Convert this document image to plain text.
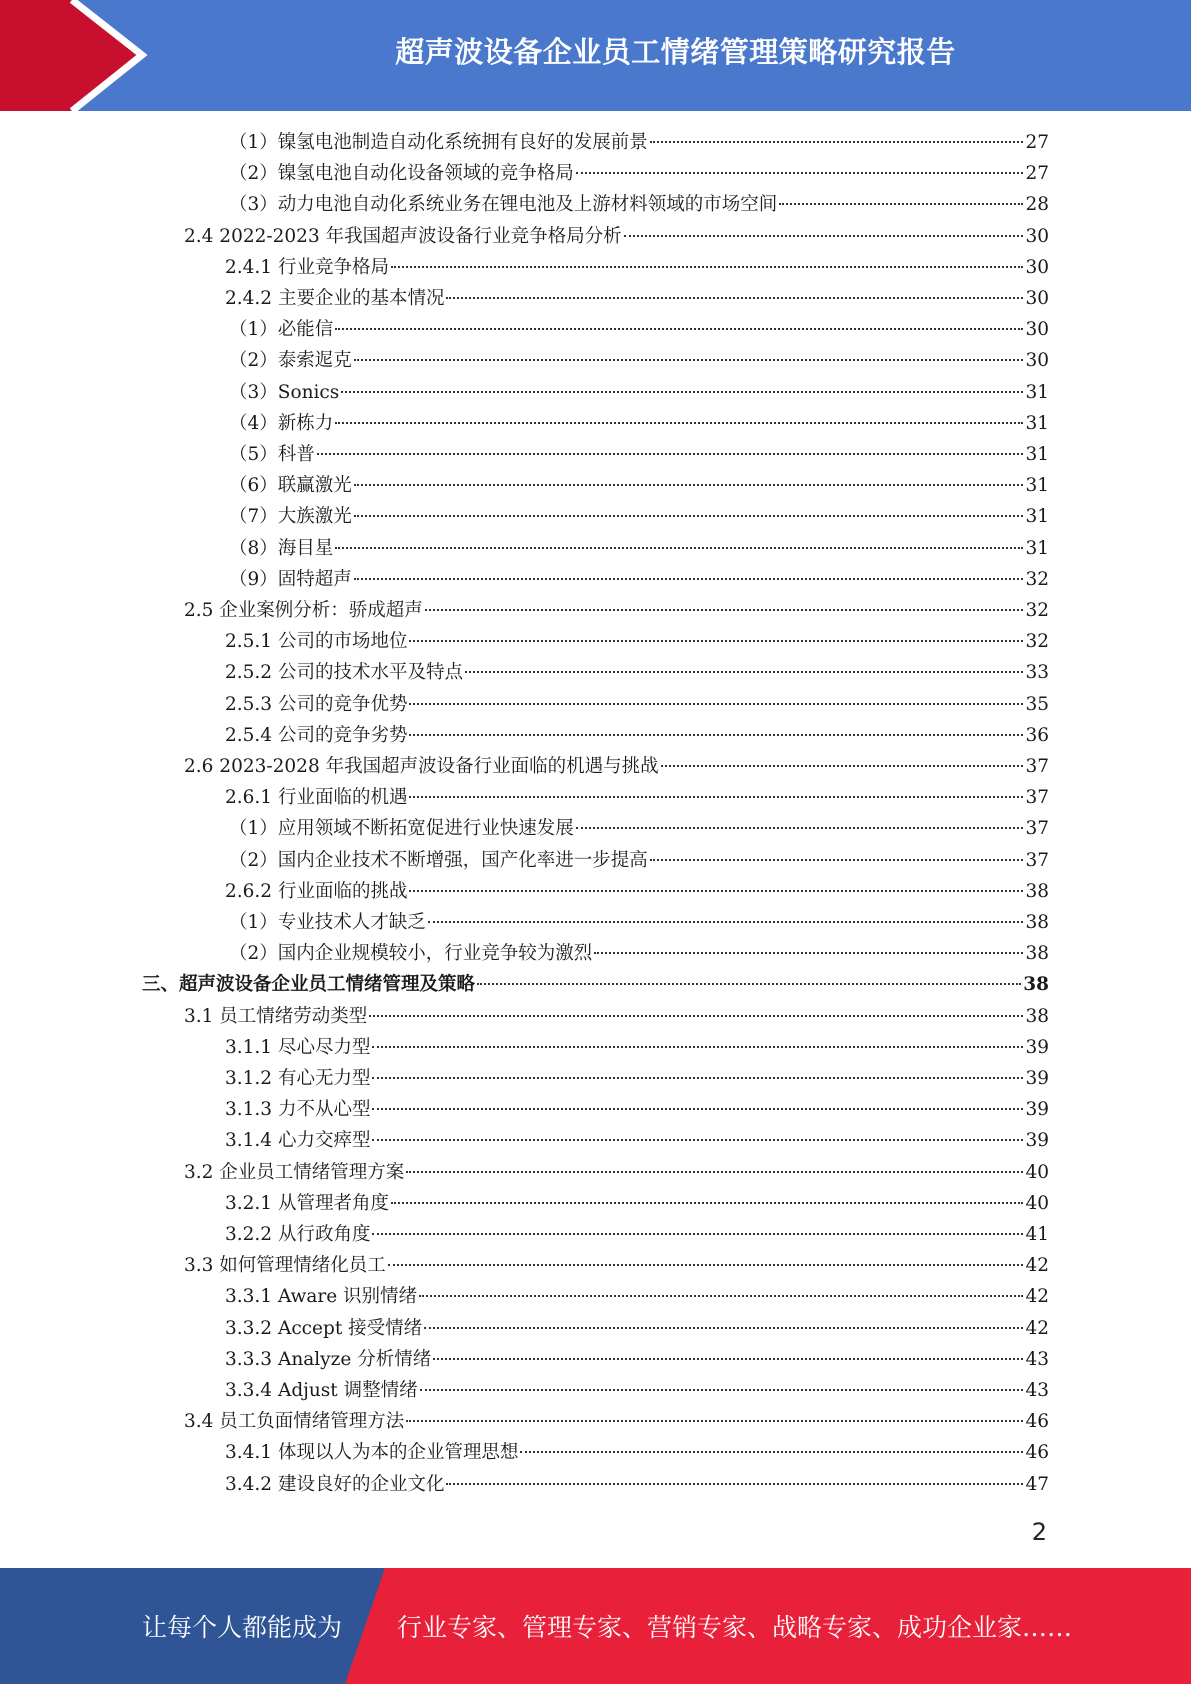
超声波设备企业员工情绪管理策略研究报告
（1）镍氢电池制造自动化系统拥有良好的发展前景	27
（2）镍氢电池自动化设备领域的竞争格局	27
（3）动力电池自动化系统业务在锂电池及上游材料领域的市场空间	28
2.4 2022-2023 年我国超声波设备行业竞争格局分析	30
2.4.1 行业竞争格局	30
2.4.2 主要企业的基本情况	30
（1）必能信	30
（2）泰索迡克	30
（3）Sonics	31
（4）新栋力	31
（5）科普	31
（6）联赢激光	31
（7）大族激光	31
（8）海目星	31
（9）固特超声	32
2.5 企业案例分析：骄成超声	32
2.5.1 公司的市场地位	32
2.5.2 公司的技术水平及特点	33
2.5.3 公司的竞争优势	35
2.5.4 公司的竞争劣势	36
2.6 2023-2028 年我国超声波设备行业面临的机遇与挑战	37
2.6.1 行业面临的机遇	37
（1）应用领域不断拓宽促进行业快速发展	37
（2）国内企业技术不断增强，国产化率进一步提高	37
2.6.2 行业面临的挑战	38
（1）专业技术人才缺乏	38
（2）国内企业规模较小，行业竞争较为激烈	38
三、超声波设备企业员工情绪管理及策略	38
3.1 员工情绪劳动类型	38
3.1.1 尽心尽力型	39
3.1.2 有心无力型	39
3.1.3 力不从心型	39
3.1.4 心力交瘁型	39
3.2 企业员工情绪管理方案	40
3.2.1 从管理者角度	40
3.2.2 从行政角度	41
3.3 如何管理情绪化员工	42
3.3.1 Aware 识别情绪	42
3.3.2 Accept 接受情绪	42
3.3.3 Analyze 分析情绪	43
3.3.4 Adjust 调整情绪	43
3.4 员工负面情绪管理方法	46
3.4.1 体现以人为本的企业管理思想	46
3.4.2 建设良好的企业文化	47
2
让每个人都能成为 行业专家、管理专家、营销专家、战略专家、成功企业家……
